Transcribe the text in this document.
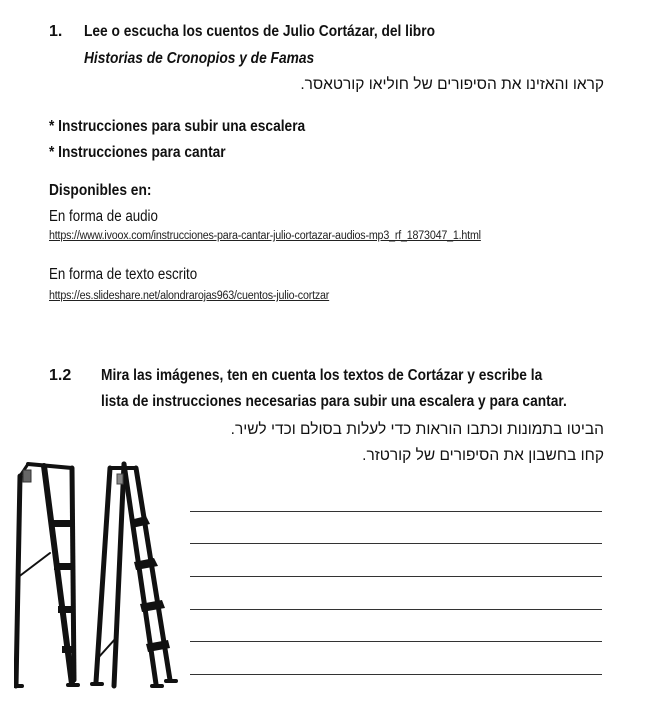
1. Lee o escucha los cuentos de Julio Cortázar, del libro
Historias de Cronopios y de Famas
קראו והאזינו את הסיפורים של חוליאו קורטאסר.
* Instrucciones para subir una escalera
* Instrucciones para cantar
Disponibles en:
En forma de audio
https://www.ivoox.com/instrucciones-para-cantar-julio-cortazar-audios-mp3_rf_1873047_1.html
En forma de texto escrito
https://es.slideshare.net/alondrarojas963/cuentos-julio-cortzar
1.2 Mira las imágenes, ten en cuenta los textos de Cortázar y escribe la
lista de instrucciones necesarias para subir una escalera y para cantar.
הביטו בתמונות וכתבו הוראות כדי לעלות בסולם וכדי לשיר.
קחו בחשבון את הסיפורים של קורטזר.
